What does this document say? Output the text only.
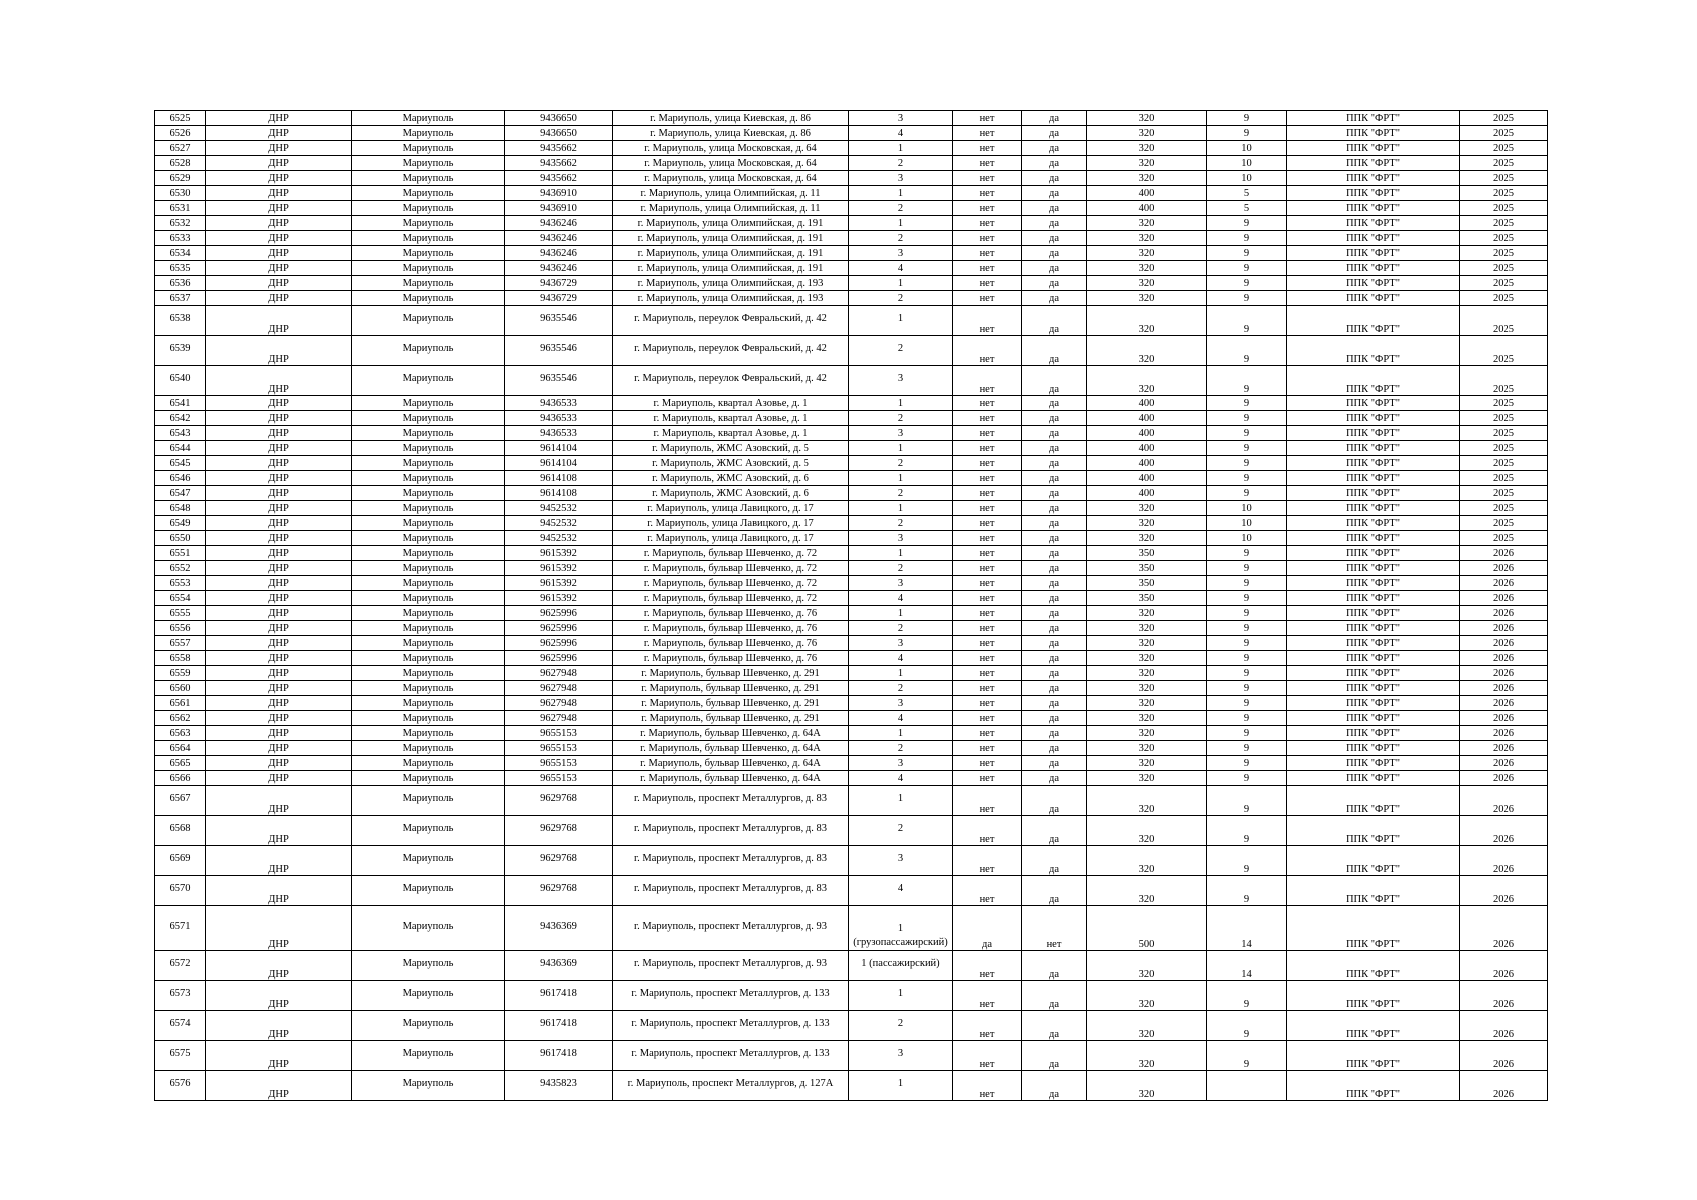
6525	ДНР	Мариуполь	9436650	г. Мариуполь, улица Киевская, д. 86	3	нет	да	320	9	ППК "ФРТ"	2025
6526	ДНР	Мариуполь	9436650	г. Мариуполь, улица Киевская, д. 86	4	нет	да	320	9	ППК "ФРТ"	2025
6527	ДНР	Мариуполь	9435662	г. Мариуполь, улица Московская, д. 64	1	нет	да	320	10	ППК "ФРТ"	2025
6528	ДНР	Мариуполь	9435662	г. Мариуполь, улица Московская, д. 64	2	нет	да	320	10	ППК "ФРТ"	2025
6529	ДНР	Мариуполь	9435662	г. Мариуполь, улица Московская, д. 64	3	нет	да	320	10	ППК "ФРТ"	2025
6530	ДНР	Мариуполь	9436910	г. Мариуполь, улица Олимпийская, д. 11	1	нет	да	400	5	ППК "ФРТ"	2025
6531	ДНР	Мариуполь	9436910	г. Мариуполь, улица Олимпийская, д. 11	2	нет	да	400	5	ППК "ФРТ"	2025
6532	ДНР	Мариуполь	9436246	г. Мариуполь, улица Олимпийская, д. 191	1	нет	да	320	9	ППК "ФРТ"	2025
6533	ДНР	Мариуполь	9436246	г. Мариуполь, улица Олимпийская, д. 191	2	нет	да	320	9	ППК "ФРТ"	2025
6534	ДНР	Мариуполь	9436246	г. Мариуполь, улица Олимпийская, д. 191	3	нет	да	320	9	ППК "ФРТ"	2025
6535	ДНР	Мариуполь	9436246	г. Мариуполь, улица Олимпийская, д. 191	4	нет	да	320	9	ППК "ФРТ"	2025
6536	ДНР	Мариуполь	9436729	г. Мариуполь, улица Олимпийская, д. 193	1	нет	да	320	9	ППК "ФРТ"	2025
6537	ДНР	Мариуполь	9436729	г. Мариуполь, улица Олимпийская, д. 193	2	нет	да	320	9	ППК "ФРТ"	2025
6538	ДНР	Мариуполь	9635546	г. Мариуполь, переулок Февральский, д. 42	1	нет	да	320	9	ППК "ФРТ"	2025
6539	ДНР	Мариуполь	9635546	г. Мариуполь, переулок Февральский, д. 42	2	нет	да	320	9	ППК "ФРТ"	2025
6540	ДНР	Мариуполь	9635546	г. Мариуполь, переулок Февральский, д. 42	3	нет	да	320	9	ППК "ФРТ"	2025
6541	ДНР	Мариуполь	9436533	г. Мариуполь, квартал Азовье, д. 1	1	нет	да	400	9	ППК "ФРТ"	2025
6542	ДНР	Мариуполь	9436533	г. Мариуполь, квартал Азовье, д. 1	2	нет	да	400	9	ППК "ФРТ"	2025
6543	ДНР	Мариуполь	9436533	г. Мариуполь, квартал Азовье, д. 1	3	нет	да	400	9	ППК "ФРТ"	2025
6544	ДНР	Мариуполь	9614104	г. Мариуполь, ЖМС Азовский, д. 5	1	нет	да	400	9	ППК "ФРТ"	2025
6545	ДНР	Мариуполь	9614104	г. Мариуполь, ЖМС Азовский, д. 5	2	нет	да	400	9	ППК "ФРТ"	2025
6546	ДНР	Мариуполь	9614108	г. Мариуполь, ЖМС Азовский, д. 6	1	нет	да	400	9	ППК "ФРТ"	2025
6547	ДНР	Мариуполь	9614108	г. Мариуполь, ЖМС Азовский, д. 6	2	нет	да	400	9	ППК "ФРТ"	2025
6548	ДНР	Мариуполь	9452532	г. Мариуполь, улица Лавицкого, д. 17	1	нет	да	320	10	ППК "ФРТ"	2025
6549	ДНР	Мариуполь	9452532	г. Мариуполь, улица Лавицкого, д. 17	2	нет	да	320	10	ППК "ФРТ"	2025
6550	ДНР	Мариуполь	9452532	г. Мариуполь, улица Лавицкого, д. 17	3	нет	да	320	10	ППК "ФРТ"	2025
6551	ДНР	Мариуполь	9615392	г. Мариуполь, бульвар Шевченко, д. 72	1	нет	да	350	9	ППК "ФРТ"	2026
6552	ДНР	Мариуполь	9615392	г. Мариуполь, бульвар Шевченко, д. 72	2	нет	да	350	9	ППК "ФРТ"	2026
6553	ДНР	Мариуполь	9615392	г. Мариуполь, бульвар Шевченко, д. 72	3	нет	да	350	9	ППК "ФРТ"	2026
6554	ДНР	Мариуполь	9615392	г. Мариуполь, бульвар Шевченко, д. 72	4	нет	да	350	9	ППК "ФРТ"	2026
6555	ДНР	Мариуполь	9625996	г. Мариуполь, бульвар Шевченко, д. 76	1	нет	да	320	9	ППК "ФРТ"	2026
6556	ДНР	Мариуполь	9625996	г. Мариуполь, бульвар Шевченко, д. 76	2	нет	да	320	9	ППК "ФРТ"	2026
6557	ДНР	Мариуполь	9625996	г. Мариуполь, бульвар Шевченко, д. 76	3	нет	да	320	9	ППК "ФРТ"	2026
6558	ДНР	Мариуполь	9625996	г. Мариуполь, бульвар Шевченко, д. 76	4	нет	да	320	9	ППК "ФРТ"	2026
6559	ДНР	Мариуполь	9627948	г. Мариуполь, бульвар Шевченко, д. 291	1	нет	да	320	9	ППК "ФРТ"	2026
6560	ДНР	Мариуполь	9627948	г. Мариуполь, бульвар Шевченко, д. 291	2	нет	да	320	9	ППК "ФРТ"	2026
6561	ДНР	Мариуполь	9627948	г. Мариуполь, бульвар Шевченко, д. 291	3	нет	да	320	9	ППК "ФРТ"	2026
6562	ДНР	Мариуполь	9627948	г. Мариуполь, бульвар Шевченко, д. 291	4	нет	да	320	9	ППК "ФРТ"	2026
6563	ДНР	Мариуполь	9655153	г. Мариуполь, бульвар Шевченко, д. 64А	1	нет	да	320	9	ППК "ФРТ"	2026
6564	ДНР	Мариуполь	9655153	г. Мариуполь, бульвар Шевченко, д. 64А	2	нет	да	320	9	ППК "ФРТ"	2026
6565	ДНР	Мариуполь	9655153	г. Мариуполь, бульвар Шевченко, д. 64А	3	нет	да	320	9	ППК "ФРТ"	2026
6566	ДНР	Мариуполь	9655153	г. Мариуполь, бульвар Шевченко, д. 64А	4	нет	да	320	9	ППК "ФРТ"	2026
6567	ДНР	Мариуполь	9629768	г. Мариуполь, проспект Металлургов, д. 83	1	нет	да	320	9	ППК "ФРТ"	2026
6568	ДНР	Мариуполь	9629768	г. Мариуполь, проспект Металлургов, д. 83	2	нет	да	320	9	ППК "ФРТ"	2026
6569	ДНР	Мариуполь	9629768	г. Мариуполь, проспект Металлургов, д. 83	3	нет	да	320	9	ППК "ФРТ"	2026
6570	ДНР	Мариуполь	9629768	г. Мариуполь, проспект Металлургов, д. 83	4	нет	да	320	9	ППК "ФРТ"	2026
6571	ДНР	Мариуполь	9436369	г. Мариуполь, проспект Металлургов, д. 93	1 (грузопассажирский)	да	нет	500	14	ППК "ФРТ"	2026
6572	ДНР	Мариуполь	9436369	г. Мариуполь, проспект Металлургов, д. 93	1 (пассажирский)	нет	да	320	14	ППК "ФРТ"	2026
6573	ДНР	Мариуполь	9617418	г. Мариуполь, проспект Металлургов, д. 133	1	нет	да	320	9	ППК "ФРТ"	2026
6574	ДНР	Мариуполь	9617418	г. Мариуполь, проспект Металлургов, д. 133	2	нет	да	320	9	ППК "ФРТ"	2026
6575	ДНР	Мариуполь	9617418	г. Мариуполь, проспект Металлургов, д. 133	3	нет	да	320	9	ППК "ФРТ"	2026
6576	ДНР	Мариуполь	9435823	г. Мариуполь, проспект Металлургов, д. 127А	1	нет	да	320		ППК "ФРТ"	2026
